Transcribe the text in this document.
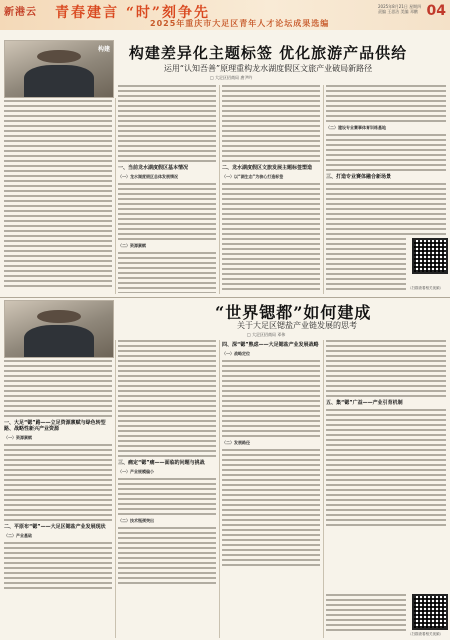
新港云	青春建言 “时”刻争先
2025年重庆市大足区青年人才论坛成果选编
2025年8月21日 星期四
责编 王思洁 美编 邓鹏 04
构建	构建差异化主题标签 优化旅游产品供给
运用“认知吾善”原理重构龙水湖度假区文旅产业破局新路径
□ 大足区招商局 唐尹吟
一、当前龙水湖度假区基本情况
（一）龙水湖度假区总体发展情况
（二）资源禀赋
二、龙水湖度假区文旅发展主题标签塑造
（一）以“湖生态”为核心打造标签
（二）建设专业赛事体育训练基地
三、打造专业赛体融合新场景
（扫描查看相关视频）
“世界锶都”如何建成
关于大足区锶盐产业链发展的思考
□ 大足区招商局 邓伟
一、大足“锶”路——立足资源禀赋与绿色转型路、战略性新兴产业资源
（一）资源禀赋
二、平原布“锶”——大足区锶盐产业发展现状
（二）产业基础
三、痛定“锶”痛——面临的问题与挑战
（一）产业规模偏小
（二）技术瓶颈突出
四、深“锶”熟虑——大足锶盐产业发展战略
（一）战略定位
（二）发展路径
五、集“锶”广益——产业引育机制
（扫描查看相关视频）
